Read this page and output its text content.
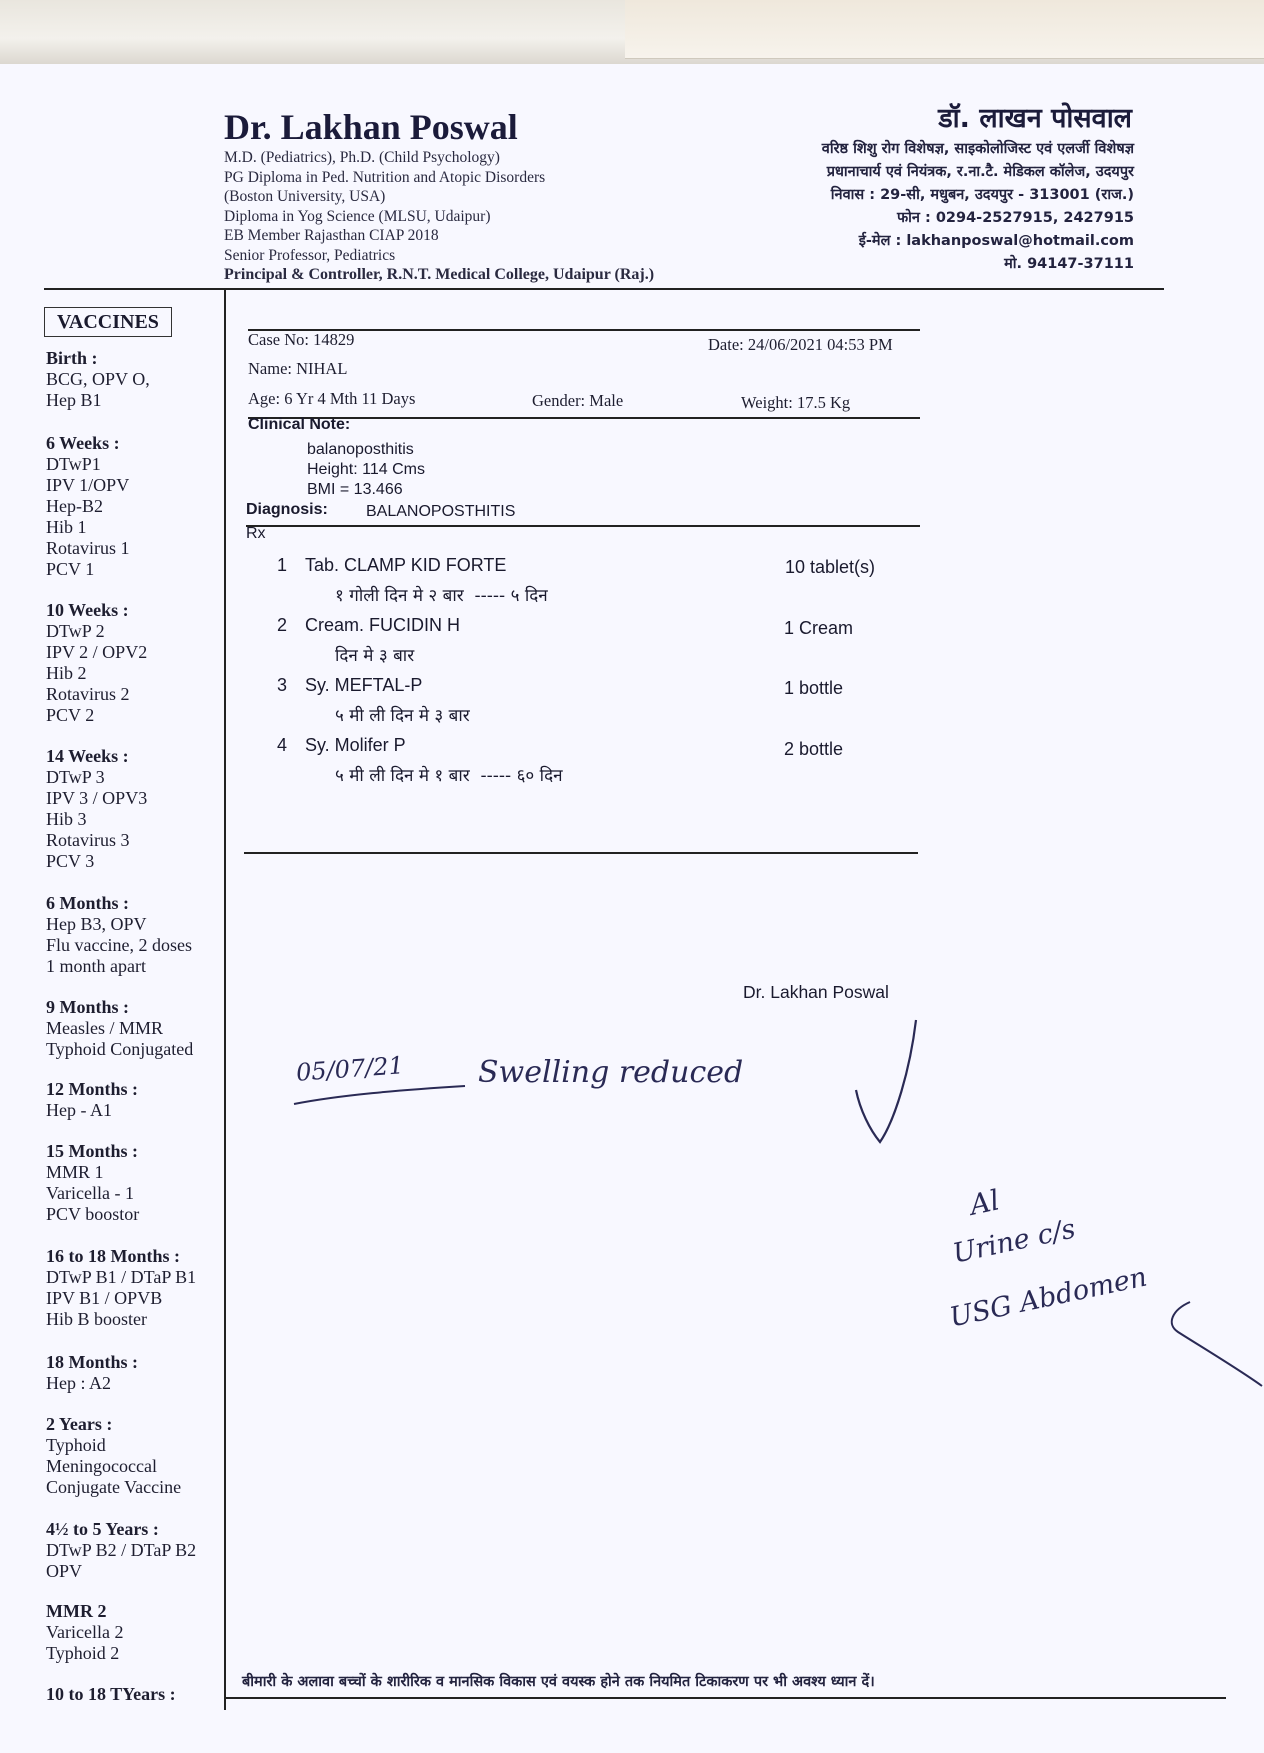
Dr. Lakhan Poswal
M.D. (Pediatrics), Ph.D. (Child Psychology)
PG Diploma in Ped. Nutrition and Atopic Disorders
(Boston University, USA)
Diploma in Yog Science (MLSU, Udaipur)
EB Member Rajasthan CIAP 2018
Senior Professor, Pediatrics
Principal & Controller, R.N.T. Medical College, Udaipur (Raj.)
डॉ. लाखन पोसवाल
वरिष्ठ शिशु रोग विशेषज्ञ, साइकोलोजिस्ट एवं एलर्जी विशेषज्ञ
प्रधानाचार्य एवं नियंत्रक, र.ना.टै. मेडिकल कॉलेज, उदयपुर
निवास : 29-सी, मधुबन, उदयपुर - 313001 (राज.)
फोन : 0294-2527915, 2427915
ई-मेल : lakhanposwal@hotmail.com
मो. 94147-37111
VACCINES
Birth :
BCG, OPV O,
Hep B1
6 Weeks :
DTwP1
IPV 1/OPV
Hep-B2
Hib 1
Rotavirus 1
PCV 1
10 Weeks :
DTwP 2
IPV 2 / OPV2
Hib 2
Rotavirus 2
PCV 2
14 Weeks :
DTwP 3
IPV 3 / OPV3
Hib 3
Rotavirus 3
PCV 3
6 Months :
Hep B3, OPV
Flu vaccine, 2 doses
1 month apart
9 Months :
Measles / MMR
Typhoid Conjugated
12 Months :
Hep - A1
15 Months :
MMR 1
Varicella - 1
PCV boostor
16 to 18 Months :
DTwP B1 / DTaP B1
IPV B1 / OPVB
Hib B booster
18 Months :
Hep : A2
2 Years :
Typhoid
Meningococcal
Conjugate Vaccine
4½ to 5 Years :
DTwP B2 / DTaP B2
OPV
MMR 2
Varicella 2
Typhoid 2
10 to 18 TYears :
Case No: 14829	Date: 24/06/2021 04:53 PM
Name: NIHAL
Age: 6 Yr 4 Mth 11 Days	Gender: Male	Weight: 17.5 Kg
Clinical Note:
balanoposthitis
Height: 114 Cms
BMI = 13.466
Diagnosis: BALANOPOSTHITIS
Rx
1 Tab. CLAMP KID FORTE	10 tablet(s)
१ गोली दिन मे २ बार  ----- ५ दिन
2 Cream. FUCIDIN H	1 Cream
दिन मे ३ बार
3 Sy. MEFTAL-P	1 bottle
५ मी ली दिन मे ३ बार
4 Sy. Molifer P	2 bottle
५ मी ली दिन मे १ बार  ----- ६० दिन
Dr. Lakhan Poswal
05/07/21 Swelling reduced
Al
Urine c/s
USG Abdomen
बीमारी के अलावा बच्चों के शारीरिक व मानसिक विकास एवं वयस्क होने तक नियमित टिकाकरण पर भी अवश्य ध्यान दें।
